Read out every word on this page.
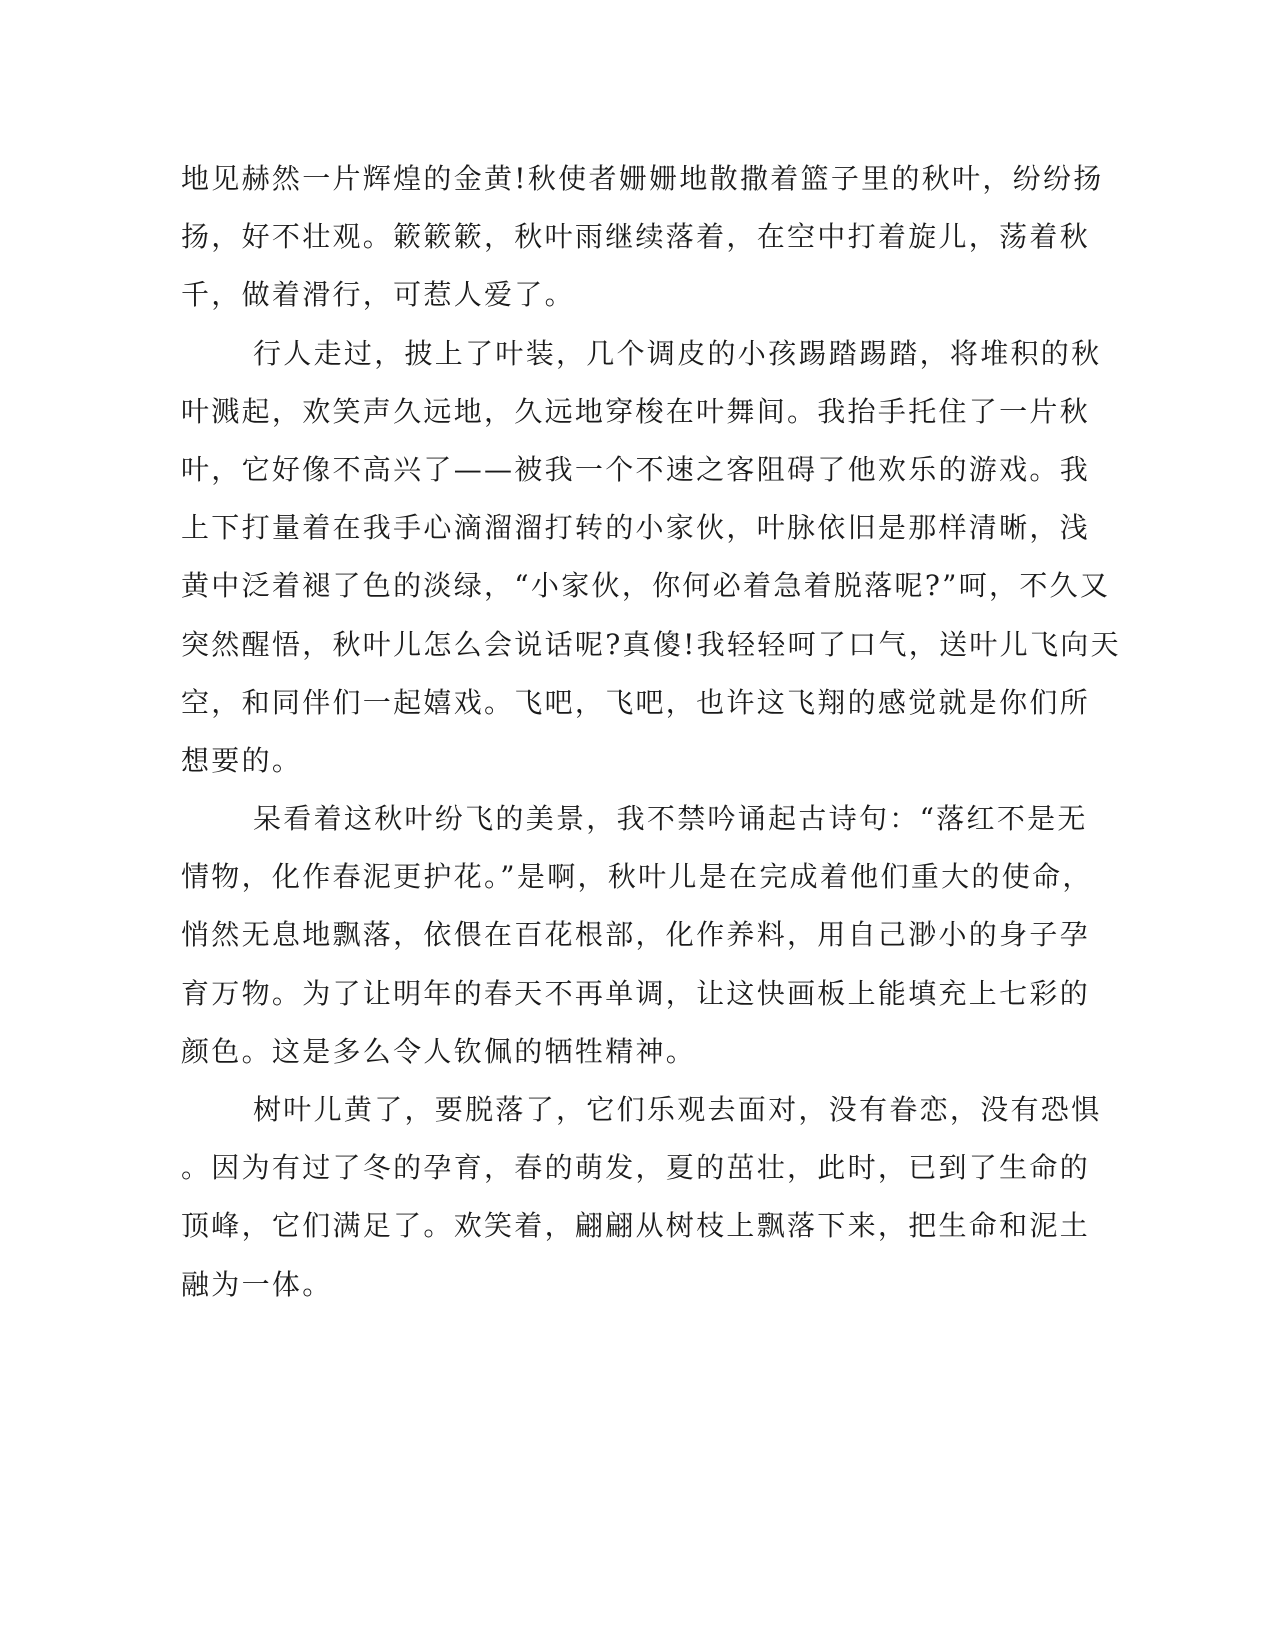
地见赫然一片辉煌的金黄!秋使者姗姗地散撒着篮子里的秋叶，纷纷扬
扬，好不壮观。簌簌簌，秋叶雨继续落着，在空中打着旋儿，荡着秋
千，做着滑行，可惹人爱了。
行人走过，披上了叶装，几个调皮的小孩踢踏踢踏，将堆积的秋
叶溅起，欢笑声久远地，久远地穿梭在叶舞间。我抬手托住了一片秋
叶，它好像不高兴了——被我一个不速之客阻碍了他欢乐的游戏。我
上下打量着在我手心滴溜溜打转的小家伙，叶脉依旧是那样清晰，浅
黄中泛着褪了色的淡绿，“小家伙，你何必着急着脱落呢?”呵，不久又
突然醒悟，秋叶儿怎么会说话呢?真傻!我轻轻呵了口气，送叶儿飞向天
空，和同伴们一起嬉戏。飞吧，飞吧，也许这飞翔的感觉就是你们所
想要的。
呆看着这秋叶纷飞的美景，我不禁吟诵起古诗句：“落红不是无
情物，化作春泥更护花。”是啊，秋叶儿是在完成着他们重大的使命，
悄然无息地飘落，依偎在百花根部，化作养料，用自己渺小的身子孕
育万物。为了让明年的春天不再单调，让这快画板上能填充上七彩的
颜色。这是多么令人钦佩的牺牲精神。
树叶儿黄了，要脱落了，它们乐观去面对，没有眷恋，没有恐惧
。因为有过了冬的孕育，春的萌发，夏的茁壮，此时，已到了生命的
顶峰，它们满足了。欢笑着，翩翩从树枝上飘落下来，把生命和泥土
融为一体。
